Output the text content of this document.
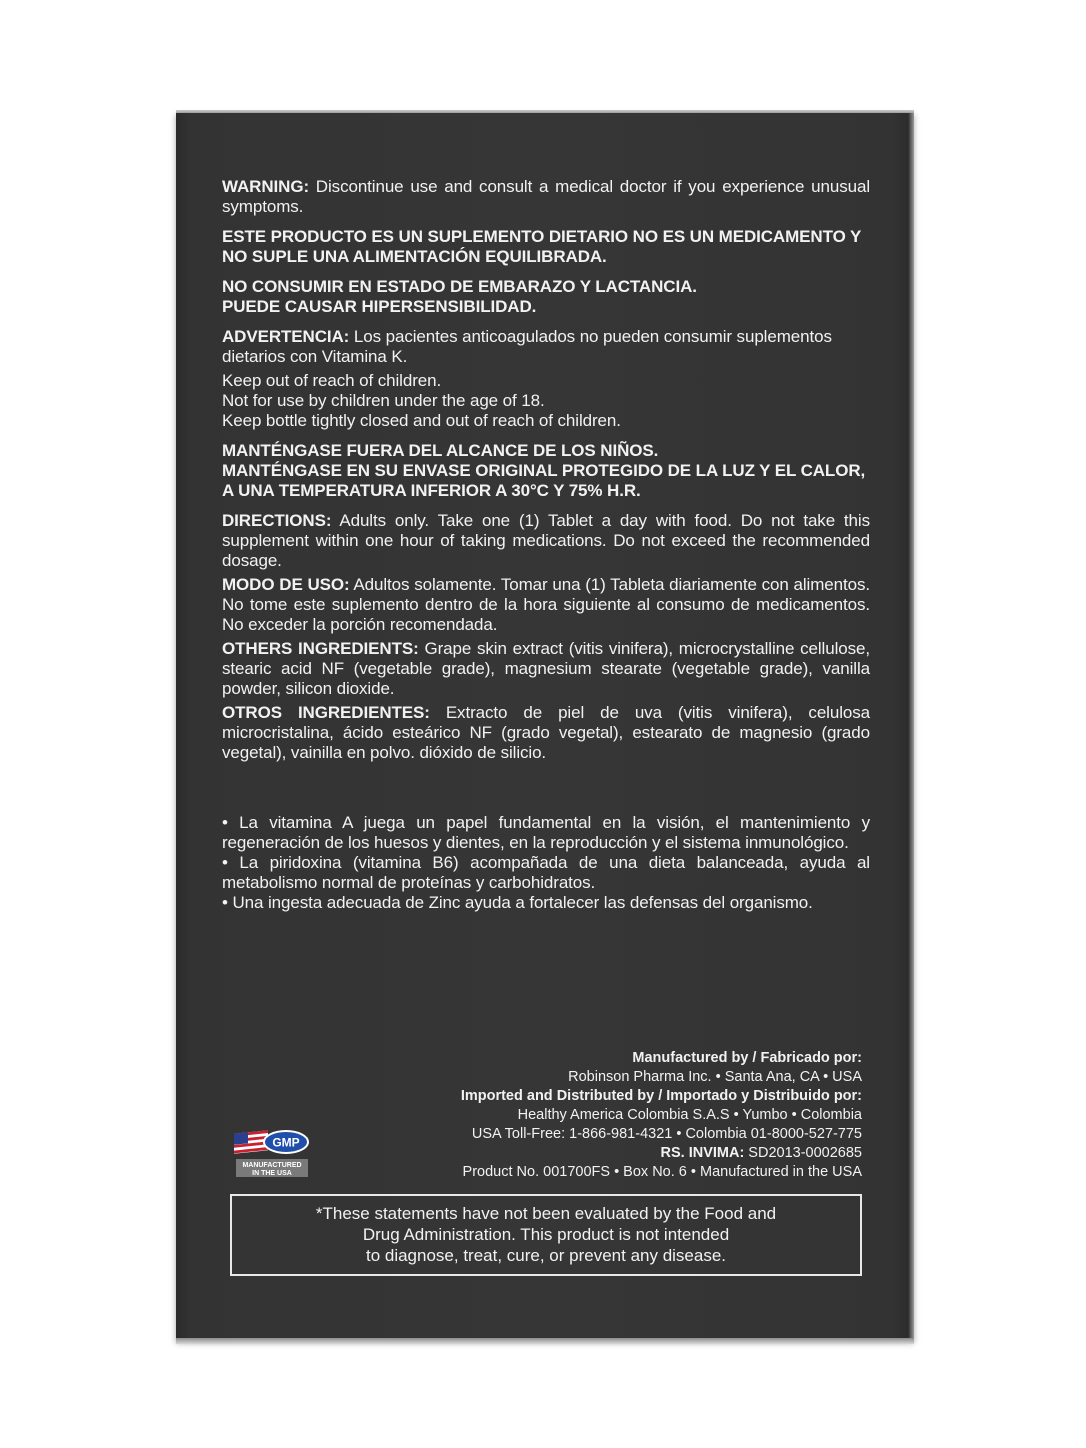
WARNING: Discontinue use and consult a medical doctor if you experience unusual symptoms.

ESTE PRODUCTO ES UN SUPLEMENTO DIETARIO NO ES UN MEDICAMENTO Y
NO SUPLE UNA ALIMENTACIÓN EQUILIBRADA.

NO CONSUMIR EN ESTADO DE EMBARAZO Y LACTANCIA.
PUEDE CAUSAR HIPERSENSIBILIDAD.

ADVERTENCIA: Los pacientes anticoagulados no pueden consumir suplementos dietarios con Vitamina K.

Keep out of reach of children.
Not for use by children under the age of 18.
Keep bottle tightly closed and out of reach of children.

MANTÉNGASE FUERA DEL ALCANCE DE LOS NIÑOS.
MANTÉNGASE EN SU ENVASE ORIGINAL PROTEGIDO DE LA LUZ Y EL CALOR,
A UNA TEMPERATURA INFERIOR A 30°C Y 75% H.R.

DIRECTIONS: Adults only. Take one (1) Tablet a day with food. Do not take this supplement within one hour of taking medications. Do not exceed the recommended dosage.

MODO DE USO: Adultos solamente. Tomar una (1) Tableta diariamente con alimentos. No tome este suplemento dentro de la hora siguiente al consumo de medicamentos. No exceder la porción recomendada.

OTHERS INGREDIENTS: Grape skin extract (vitis vinifera), microcrystalline cellulose, stearic acid NF (vegetable grade), magnesium stearate (vegetable grade), vanilla powder, silicon dioxide.

OTROS INGREDIENTES: Extracto de piel de uva (vitis vinifera), celulosa microcristalina, ácido esteárico NF (grado vegetal), estearato de magnesio (grado vegetal), vainilla en polvo. dióxido de silicio.

• La vitamina A juega un papel fundamental en la visión, el mantenimiento y regeneración de los huesos y dientes, en la reproducción y el sistema inmunológico.

• La piridoxina (vitamina B6) acompañada de una dieta balanceada, ayuda al metabolismo normal de proteínas y carbohidratos.

• Una ingesta adecuada de Zinc ayuda a fortalecer las defensas del organismo.

Manufactured by / Fabricado por:
Robinson Pharma Inc. • Santa Ana, CA • USA
Imported and Distributed by / Importado y Distribuido por:
Healthy America Colombia S.A.S • Yumbo • Colombia
USA Toll-Free: 1-866-981-4321 • Colombia 01-8000-527-775
RS. INVIMA: SD2013-0002685
Product No. 001700FS • Box No. 6 • Manufactured in the USA
GMP
MANUFACTURED
IN THE USA
*These statements have not been evaluated by the Food and
Drug Administration. This product is not intended
to diagnose, treat, cure, or prevent any disease.
